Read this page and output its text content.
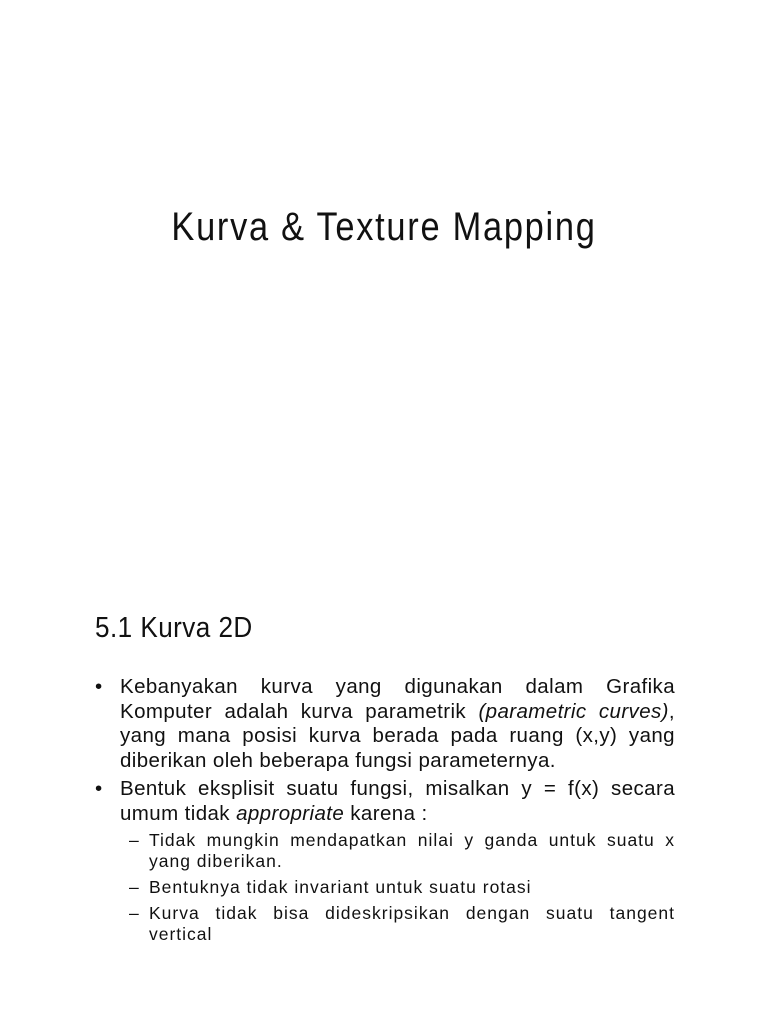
Kurva & Texture Mapping
5.1 Kurva 2D
• Kebanyakan kurva yang digunakan dalam Grafika Komputer adalah kurva parametrik (parametric curves), yang mana posisi kurva berada pada ruang (x,y) yang diberikan oleh beberapa fungsi parameternya.
• Bentuk eksplisit suatu fungsi, misalkan y = f(x) secara umum tidak appropriate karena :
– Tidak mungkin mendapatkan nilai y ganda untuk suatu x yang diberikan.
– Bentuknya tidak invariant untuk suatu rotasi
– Kurva tidak bisa dideskripsikan dengan suatu tangent vertical
